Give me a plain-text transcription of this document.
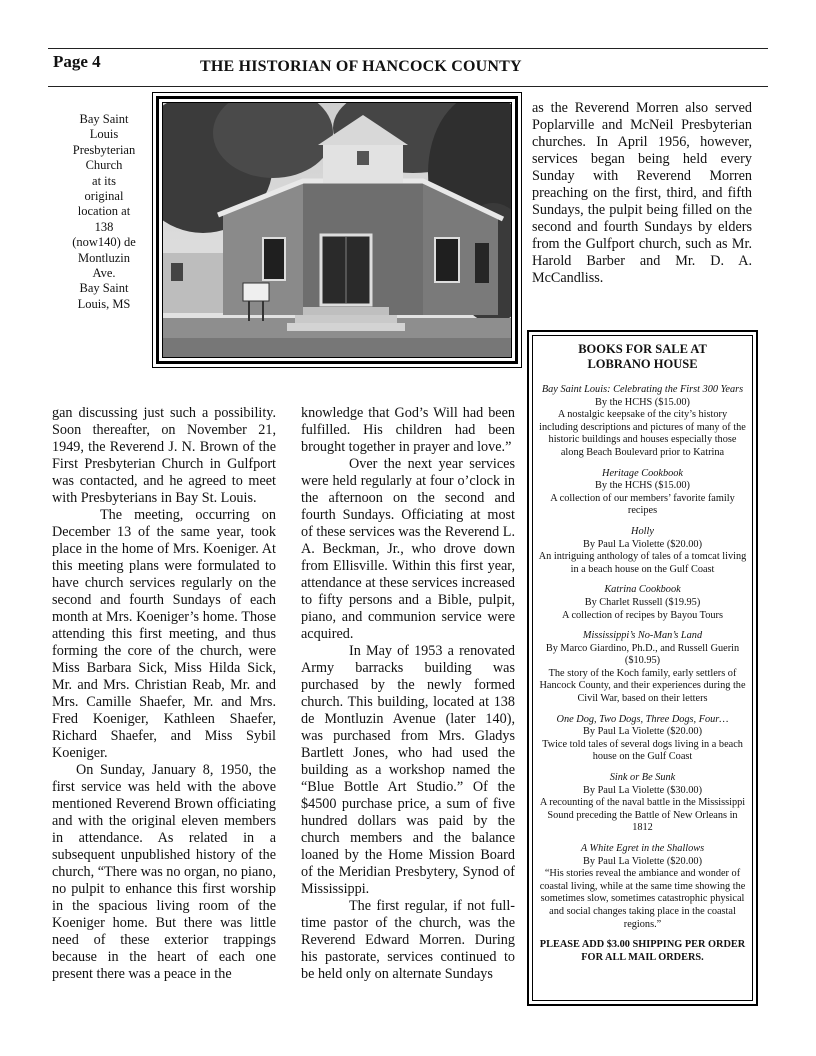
Page 4	THE HISTORIAN OF HANCOCK COUNTY
Bay Saint
Louis
Presbyterian
Church
at its
original
location at
138
(now140) de
Montluzin
Ave.
Bay Saint
Louis, MS

as the Reverend Morren also served Poplarville and McNeil Presbyterian churches. In April 1956, however, services began being held every Sunday with Reverend Morren preaching on the first, third, and fifth Sundays, the pulpit being filled on the second and fourth Sundays by elders from the Gulfport church, such as Mr. Harold Barber and Mr. D. A. McCandliss.

BOOKS FOR SALE AT
LOBRANO HOUSE
Bay Saint Louis: Celebrating the First 300 Years
By the HCHS ($15.00)
A nostalgic keepsake of the city’s history including descriptions and pictures of many of the historic buildings and houses especially those along Beach Boulevard prior to Katrina
Heritage Cookbook
By the HCHS ($15.00)
A collection of our members’ favorite family recipes
Holly
By Paul La Violette ($20.00)
An intriguing anthology of tales of a tomcat living in a beach house on the Gulf Coast
Katrina Cookbook
By Charlet Russell ($19.95)
A collection of recipes by Bayou Tours
Mississippi’s No-Man’s Land
By Marco Giardino, Ph.D., and Russell Guerin ($10.95)
The story of the Koch family, early settlers of Hancock County, and their experiences during the Civil War, based on their letters
One Dog, Two Dogs, Three Dogs, Four…
By Paul La Violette ($20.00)
Twice told tales of several dogs living in a beach house on the Gulf Coast
Sink or Be Sunk
By Paul La Violette ($30.00)
A recounting of the naval battle in the Mississippi Sound preceding the Battle of New Orleans in 1812
A White Egret in the Shallows
By Paul La Violette ($20.00)
“His stories reveal the ambiance and wonder of coastal living, while at the same time showing the sometimes slow, sometimes catastrophic physical and social changes taking place in the coastal regions.”
PLEASE ADD $3.00 SHIPPING PER ORDER FOR ALL MAIL ORDERS.

gan discussing just such a possibility. Soon thereafter, on November 21, 1949, the Reverend J. N. Brown of the First Presbyterian Church in Gulfport was contacted, and he agreed to meet with Presbyterians in Bay St. Louis.

The meeting, occurring on December 13 of the same year, took place in the home of Mrs. Koeniger. At this meeting plans were formulated to have church services regularly on the second and fourth Sundays of each month at Mrs. Koeniger’s home. Those attending this first meeting, and thus forming the core of the church, were Miss Barbara Sick, Miss Hilda Sick, Mr. and Mrs. Christian Reab, Mr. and Mrs. Camille Shaefer, Mr. and Mrs. Fred Koeniger, Kathleen Shaefer, Richard Shaefer, and Miss Sybil Koeniger.

On Sunday, January 8, 1950, the first service was held with the above mentioned Reverend Brown officiating and with the original eleven members in attendance. As related in a subsequent unpublished history of the church, “There was no organ, no piano, no pulpit to enhance this first worship in the spacious living room of the Koeniger home. But there was little need of these exterior trappings because in the heart of each one present there was a peace in the

knowledge that God’s Will had been fulfilled. His children had been brought together in prayer and love.”

Over the next year services were held regularly at four o’clock in the afternoon on the second and fourth Sundays. Officiating at most of these services was the Reverend L. A. Beckman, Jr., who drove down from Ellisville. Within this first year, attendance at these services increased to fifty persons and a Bible, pulpit, piano, and communion service were acquired.

In May of 1953 a renovated Army barracks building was purchased by the newly formed church. This building, located at 138 de Montluzin Avenue (later 140), was purchased from Mrs. Gladys Bartlett Jones, who had used the building as a workshop named the “Blue Bottle Art Studio.” Of the $4500 purchase price, a sum of five hundred dollars was paid by the church members and the balance loaned by the Home Mission Board of the Meridian Presbytery, Synod of Mississippi.

The first regular, if not full-time pastor of the church, was the Reverend Edward Morren. During his pastorate, services continued to be held only on alternate Sundays
